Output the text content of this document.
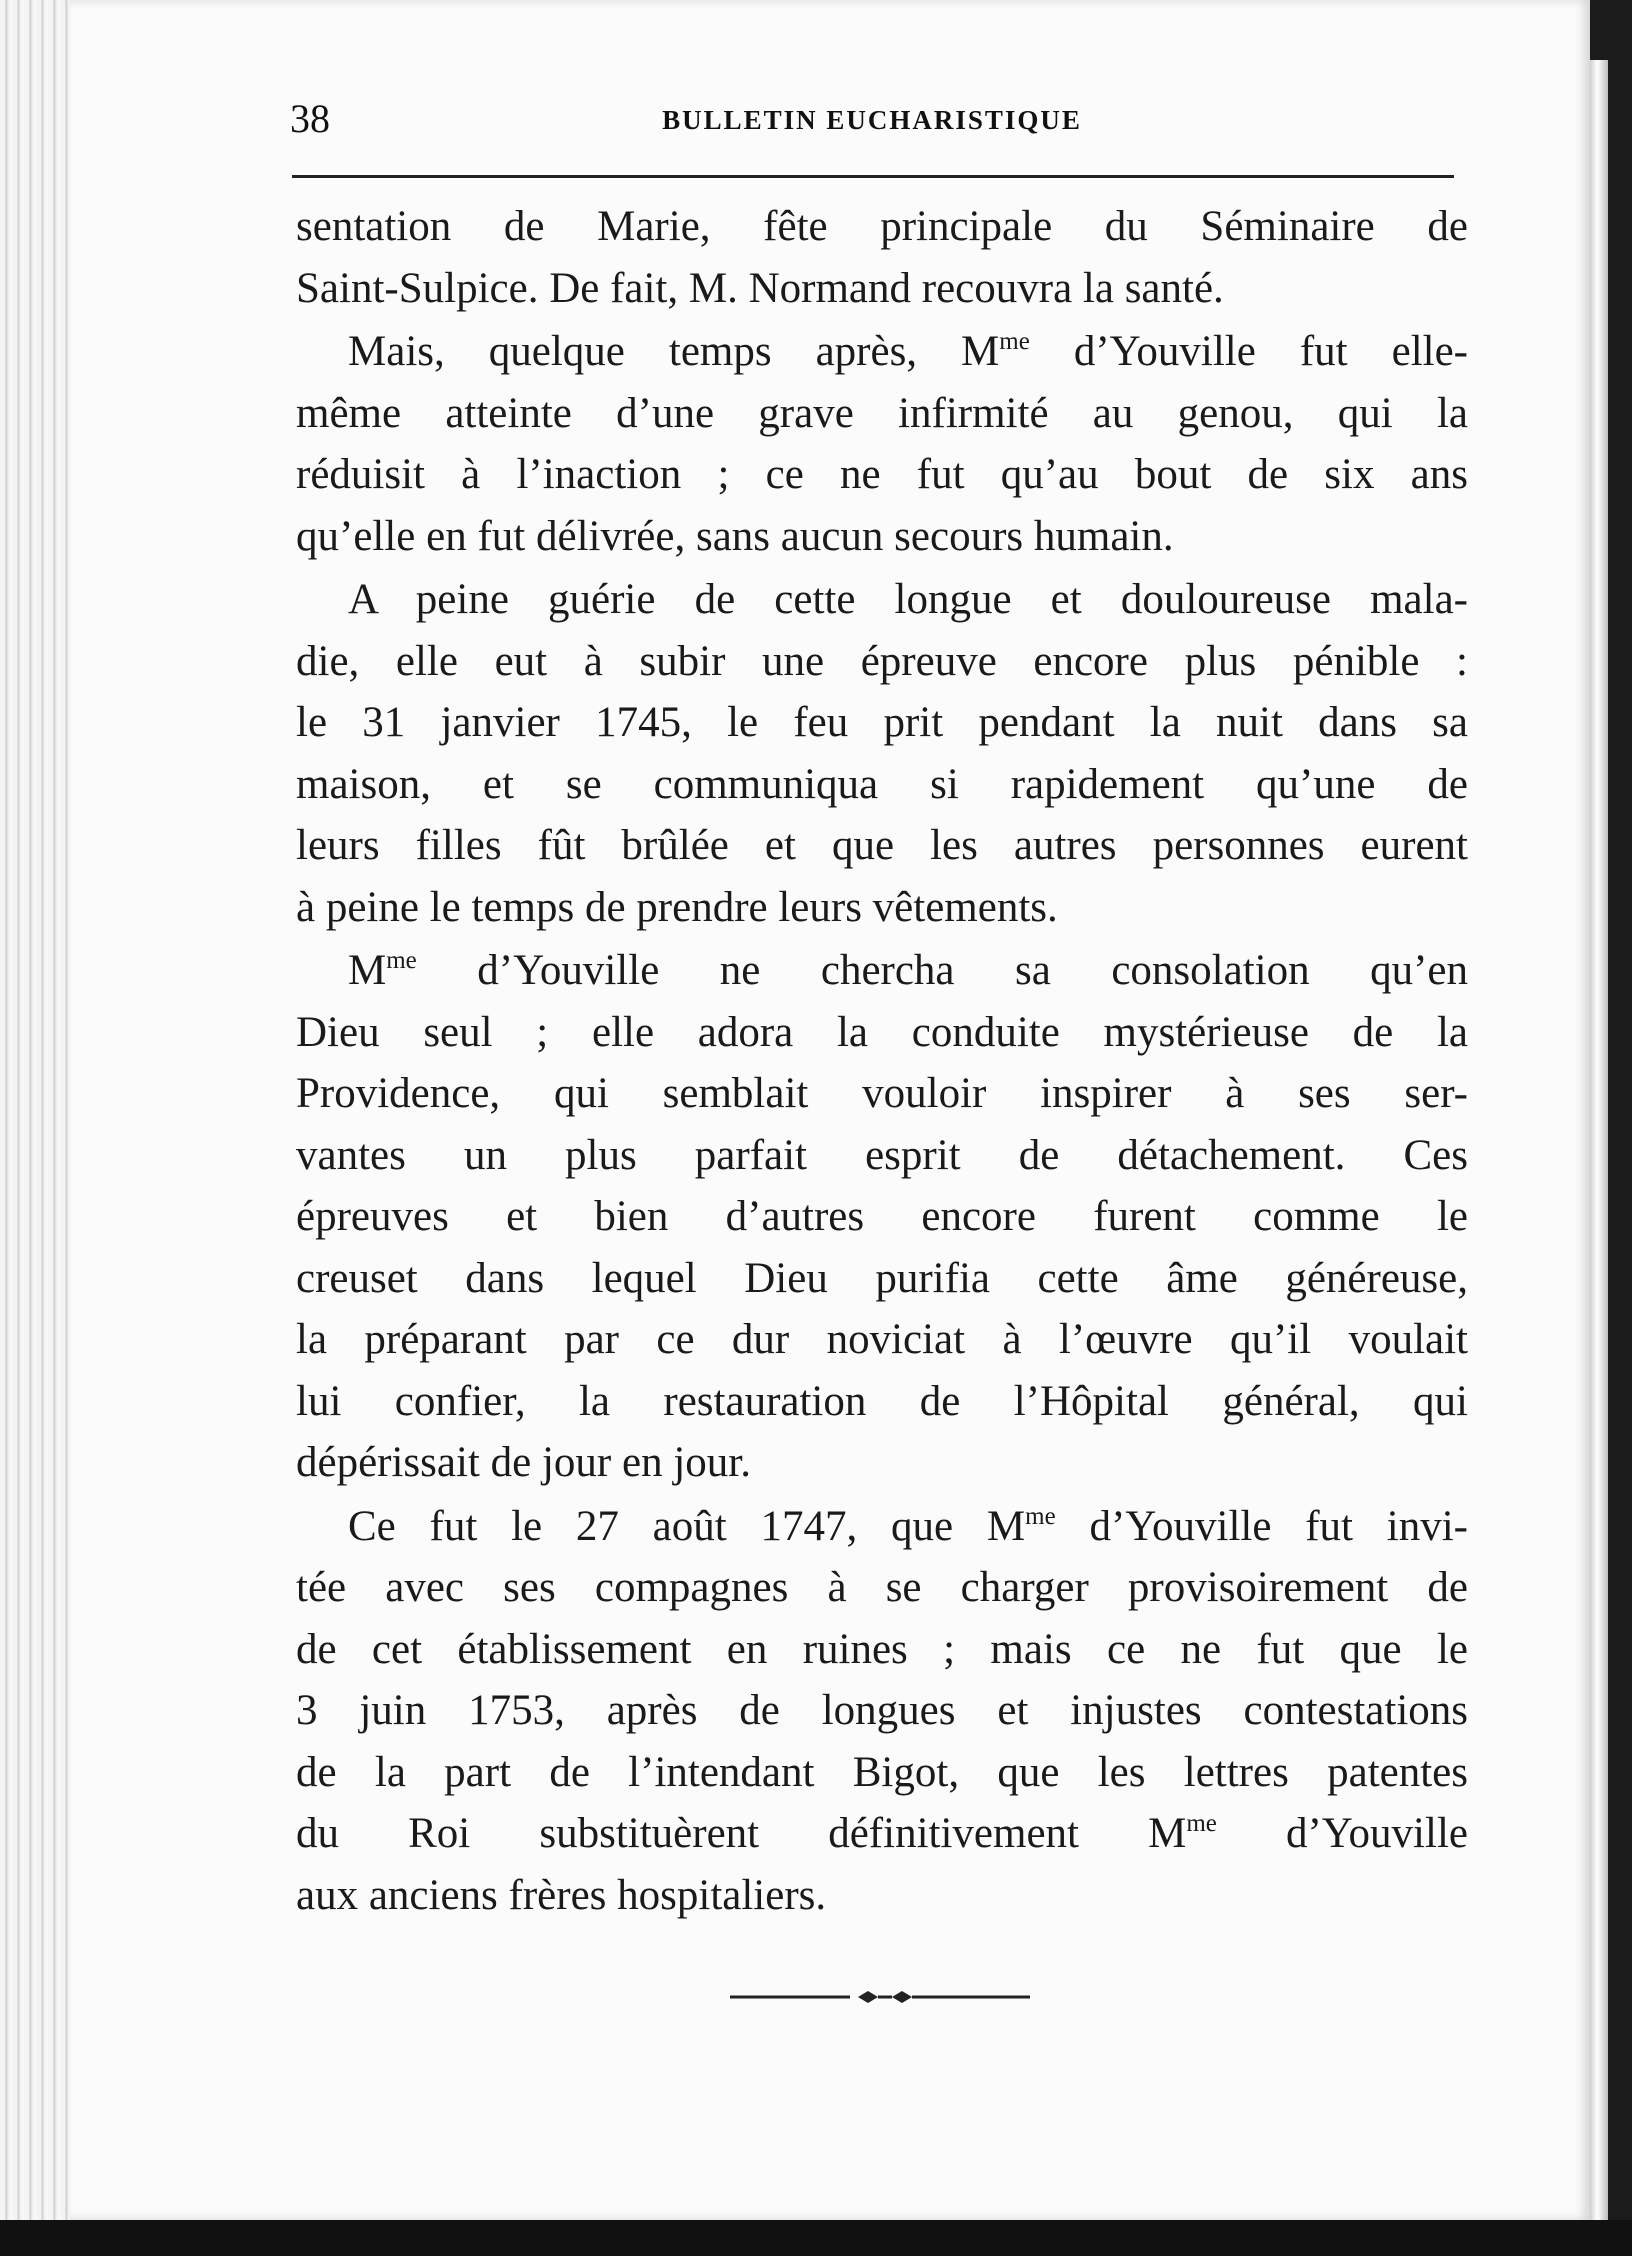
38	BULLETIN EUCHARISTIQUE
sentation de Marie, fête principale du Séminaire de
Saint-Sulpice. De fait, M. Normand recouvra la santé.
Mais, quelque temps après, $M^{me}$ d’Youville fut elle-
même atteinte d’une grave infirmité au genou, qui la
réduisit à l’inaction ; ce ne fut qu’au bout de six ans
qu’elle en fut délivrée, sans aucun secours humain.
A peine guérie de cette longue et douloureuse mala-
die, elle eut à subir une épreuve encore plus pénible :
le 31 janvier 1745, le feu prit pendant la nuit dans sa
maison, et se communiqua si rapidement qu’une de
leurs filles fût brûlée et que les autres personnes eurent
à peine le temps de prendre leurs vêtements.
$M^{me}$ d’Youville ne chercha sa consolation qu’en
Dieu seul ; elle adora la conduite mystérieuse de la
Providence, qui semblait vouloir inspirer à ses ser-
vantes un plus parfait esprit de détachement. Ces
épreuves et bien d’autres encore furent comme le
creuset dans lequel Dieu purifia cette âme généreuse,
la préparant par ce dur noviciat à l’œuvre qu’il voulait
lui confier, la restauration de l’Hôpital général, qui
dépérissait de jour en jour.
Ce fut le 27 août 1747, que $M^{me}$ d’Youville fut invi-
tée avec ses compagnes à se charger provisoirement de
de cet établissement en ruines ; mais ce ne fut que le
3 juin 1753, après de longues et injustes contestations
de la part de l’intendant Bigot, que les lettres patentes
du Roi substituèrent définitivement $M^{me}$ d’Youville
aux anciens frères hospitaliers.
